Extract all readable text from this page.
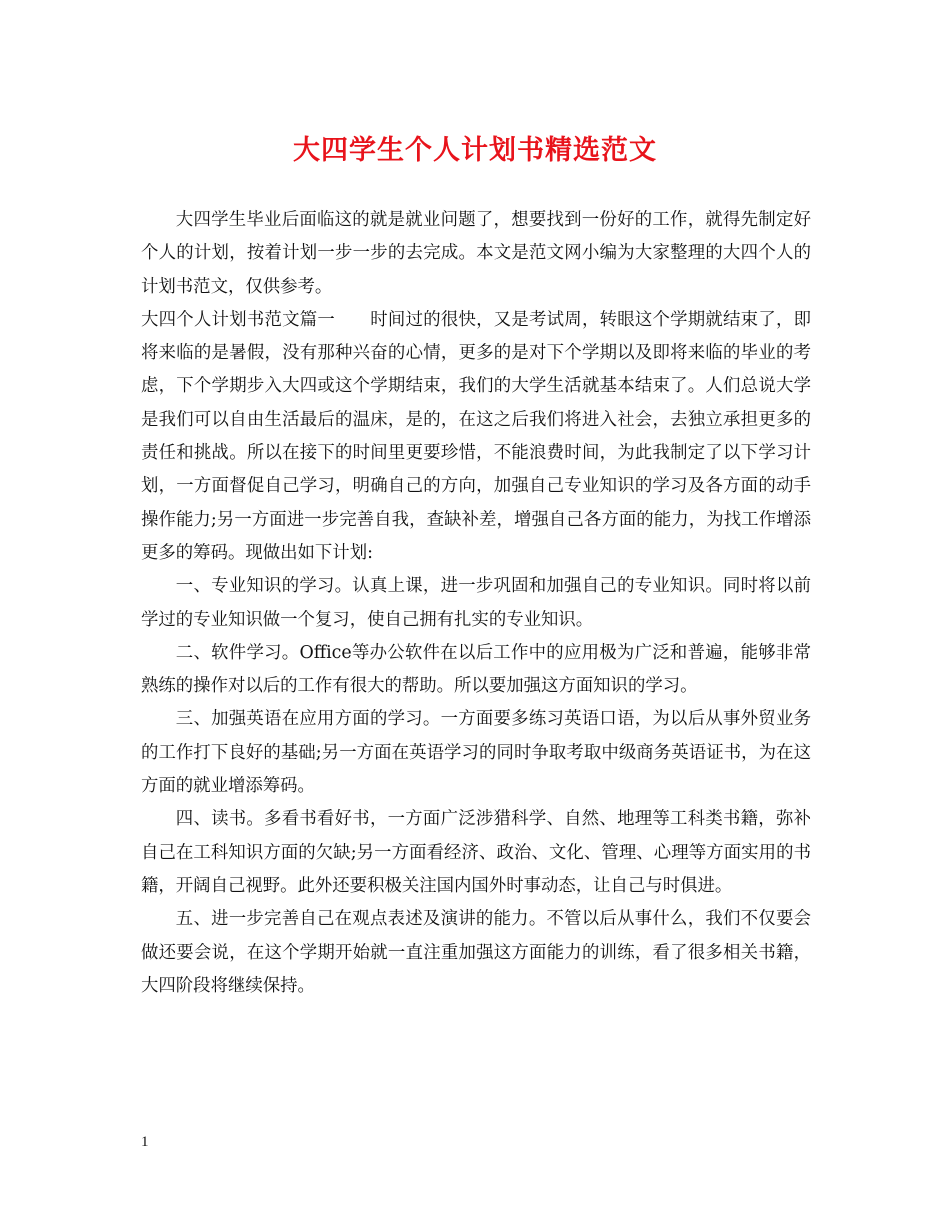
大四学生个人计划书精选范文

大四学生毕业后面临这的就是就业问题了，想要找到一份好的工作，就得先制定好个人的计划，按着计划一步一步的去完成。本文是范文网小编为大家整理的大四个人的计划书范文，仅供参考。

大四个人计划书范文篇一　　时间过的很快，又是考试周，转眼这个学期就结束了，即将来临的是暑假，没有那种兴奋的心情，更多的是对下个学期以及即将来临的毕业的考虑，下个学期步入大四或这个学期结束，我们的大学生活就基本结束了。人们总说大学是我们可以自由生活最后的温床，是的，在这之后我们将进入社会，去独立承担更多的责任和挑战。所以在接下的时间里更要珍惜，不能浪费时间，为此我制定了以下学习计划，一方面督促自己学习，明确自己的方向，加强自己专业知识的学习及各方面的动手操作能力;另一方面进一步完善自我，查缺补差，增强自己各方面的能力，为找工作增添更多的筹码。现做出如下计划:

一、专业知识的学习。认真上课，进一步巩固和加强自己的专业知识。同时将以前学过的专业知识做一个复习，使自己拥有扎实的专业知识。

二、软件学习。Office等办公软件在以后工作中的应用极为广泛和普遍，能够非常熟练的操作对以后的工作有很大的帮助。所以要加强这方面知识的学习。

三、加强英语在应用方面的学习。一方面要多练习英语口语，为以后从事外贸业务的工作打下良好的基础;另一方面在英语学习的同时争取考取中级商务英语证书，为在这方面的就业增添筹码。

四、读书。多看书看好书，一方面广泛涉猎科学、自然、地理等工科类书籍，弥补自己在工科知识方面的欠缺;另一方面看经济、政治、文化、管理、心理等方面实用的书籍，开阔自己视野。此外还要积极关注国内国外时事动态，让自己与时俱进。

五、进一步完善自己在观点表述及演讲的能力。不管以后从事什么，我们不仅要会做还要会说，在这个学期开始就一直注重加强这方面能力的训练，看了很多相关书籍，大四阶段将继续保持。

1
